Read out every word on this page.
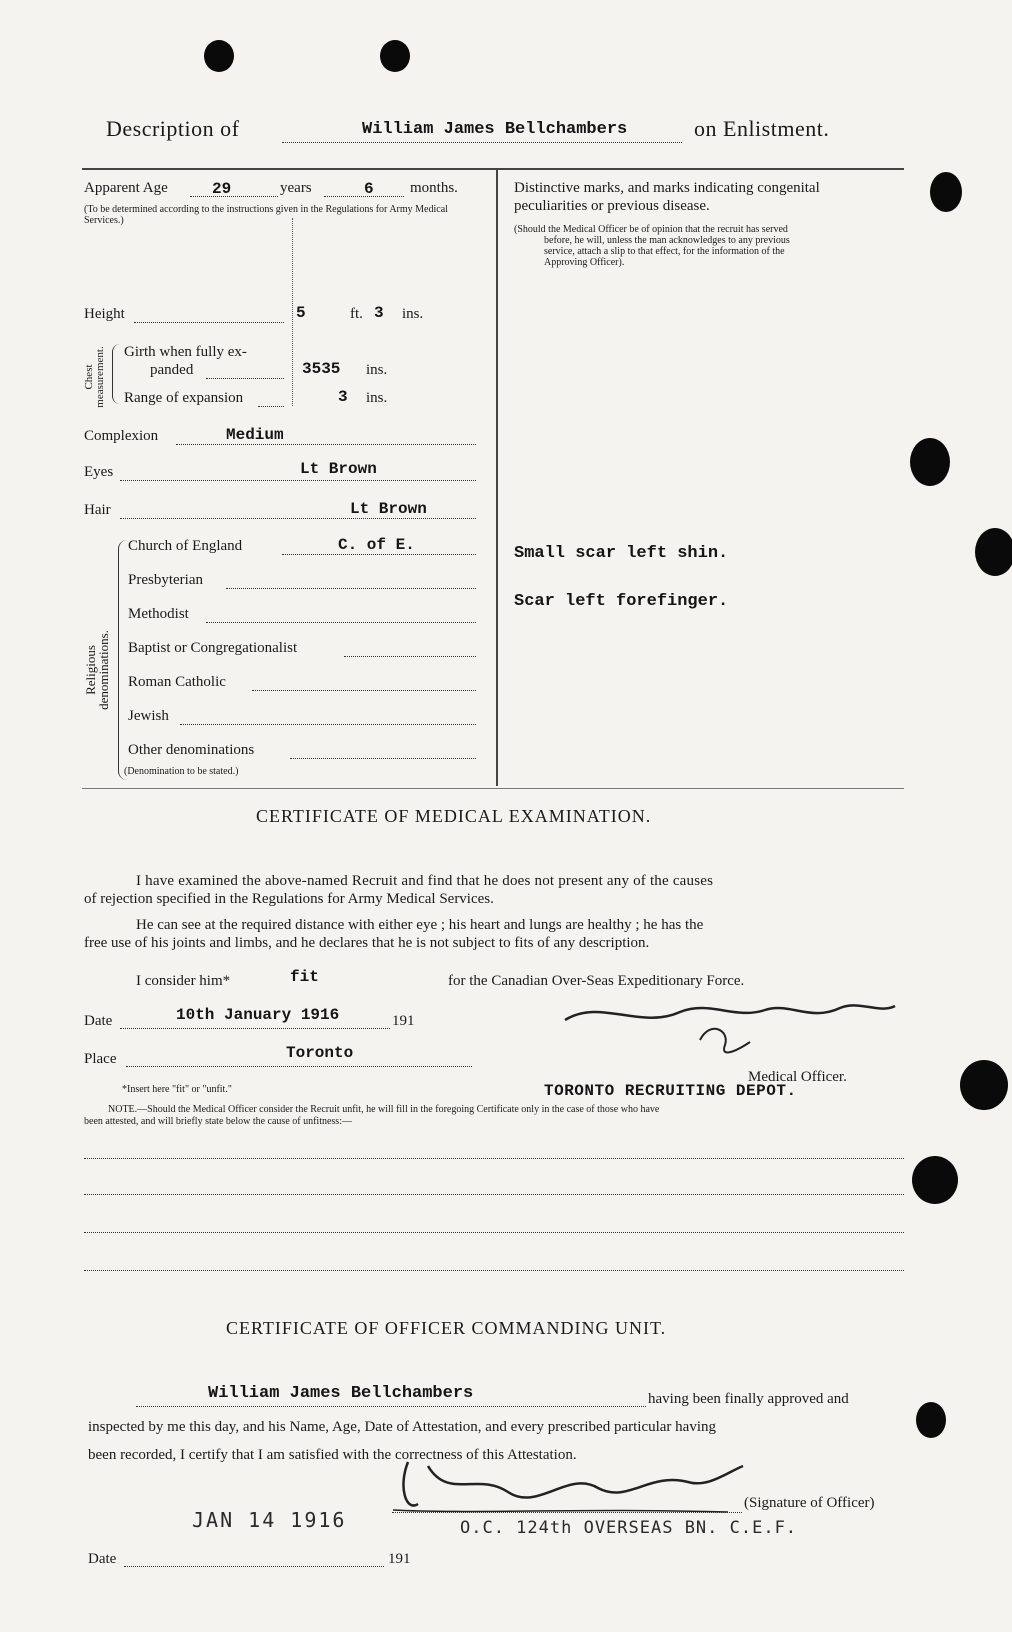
Description of	William James Bellchambers	on Enlistment.
Apparent Age	29	years	6 months.
(To be determined according to the instructions given in the Regulations for Army Medical Services.)
Height	5	ft. 3 ins.
Chest measurement. Girth when fully ex-
panded	3535 ins.
Range of expansion	3 ins.
Complexion	Medium
Eyes	Lt Brown
Hair	Lt Brown
Religious denominations.
Church of England	C. of E.
Presbyterian
Methodist
Baptist or Congregationalist
Roman Catholic
Jewish
Other denominations
(Denomination to be stated.)
Distinctive marks, and marks indicating congenital
peculiarities or previous disease.
(Should the Medical Officer be of opinion that the recruit has served
before, he will, unless the man acknowledges to any previous
service, attach a slip to that effect, for the information of the
Approving Officer).
Small scar left shin.
Scar left forefinger.
CERTIFICATE OF MEDICAL EXAMINATION.
I have examined the above-named Recruit and find that he does not present any of the causes
of rejection specified in the Regulations for Army Medical Services.
He can see at the required distance with either eye ; his heart and lungs are healthy ; he has the
free use of his joints and limbs, and he declares that he is not subject to fits of any description.
I consider him*	fit	for the Canadian Over-Seas Expeditionary Force.
Date	10th January 1916	191
Place	Toronto
Medical Officer.
TORONTO RECRUITING DEPOT.
*Insert here "fit" or "unfit."
NOTE.—Should the Medical Officer consider the Recruit unfit, he will fill in the foregoing Certificate only in the case of those who have
been attested, and will briefly state below the cause of unfitness:—
CERTIFICATE OF OFFICER COMMANDING UNIT.
William James Bellchambers	having been finally approved and
inspected by me this day, and his Name, Age, Date of Attestation, and every prescribed particular having
been recorded, I certify that I am satisfied with the correctness of this Attestation.
(Signature of Officer)
JAN 14 1916	O.C. 124th OVERSEAS BN. C.E.F.
Date	191
